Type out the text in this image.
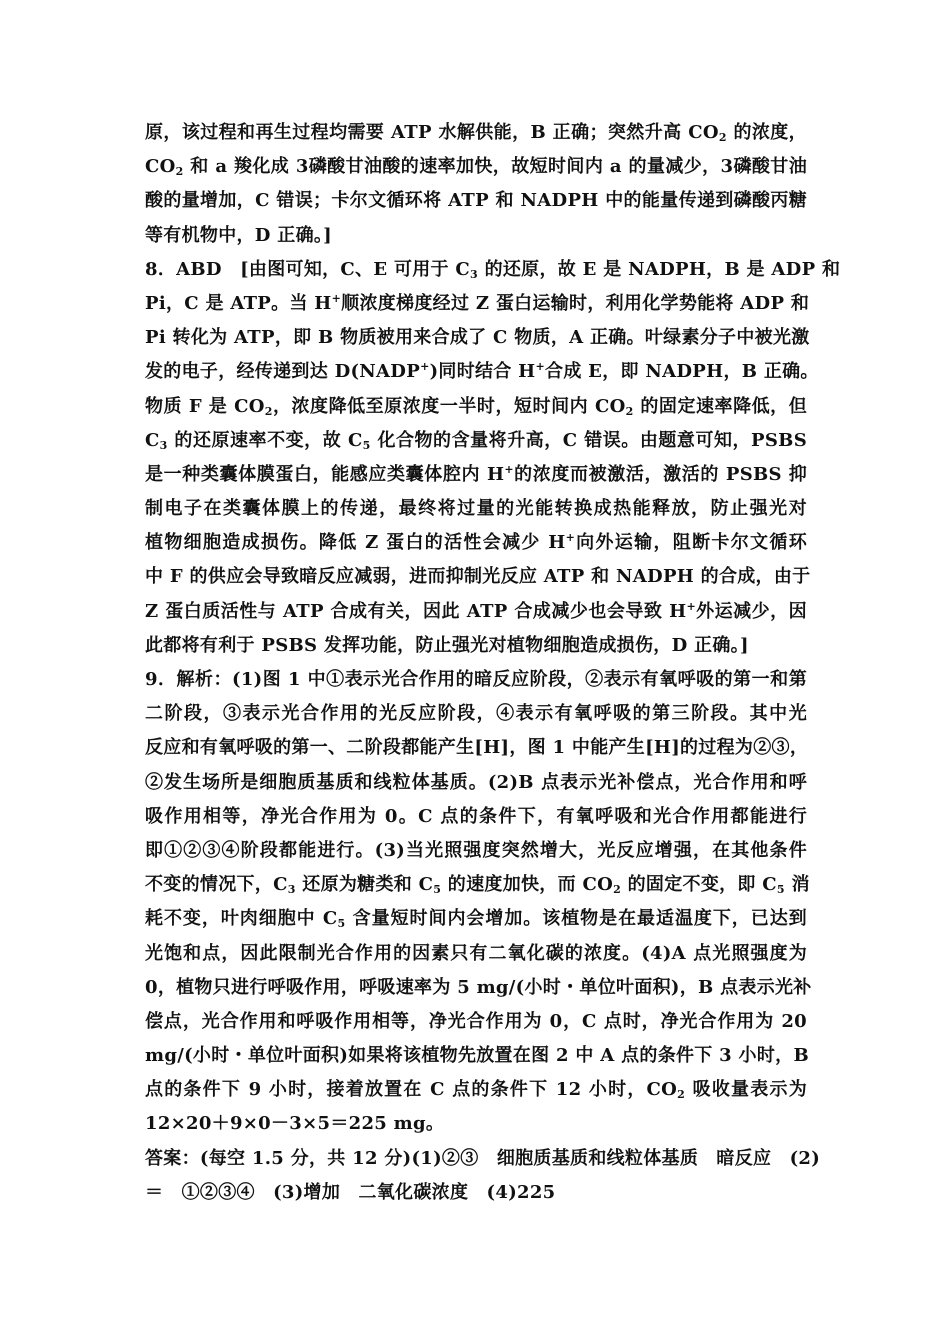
原，该过程和再生过程均需要 ATP 水解供能，B 正确；突然升高 $CO_2$ 的浓度，
$CO_2$ 和 a 羧化成 3磷酸甘油酸的速率加快，故短时间内 a 的量减少，3磷酸甘油
酸的量增加，C 错误；卡尔文循环将 ATP 和 NADPH 中的能量传递到磷酸丙糖
等有机物中，D 正确。]
8．ABD　[由图可知，C、E 可用于 $C_3$ 的还原，故 E 是 NADPH，B 是 ADP 和
Pi，C 是 ATP。当 H+顺浓度梯度经过 Z 蛋白运输时，利用化学势能将 ADP 和
Pi 转化为 ATP，即 B 物质被用来合成了 C 物质，A 正确。叶绿素分子中被光激
发的电子，经传递到达 D(NADP+)同时结合 H+合成 E，即 NADPH，B 正确。
物质 F 是 $CO_2$，浓度降低至原浓度一半时，短时间内 $CO_2$ 的固定速率降低，但
$C_3$ 的还原速率不变，故 $C_5$ 化合物的含量将升高，C 错误。由题意可知，PSBS
是一种类囊体膜蛋白，能感应类囊体腔内 H+的浓度而被激活，激活的 PSBS 抑
制电子在类囊体膜上的传递，最终将过量的光能转换成热能释放，防止强光对
植物细胞造成损伤。降低 Z 蛋白的活性会减少 H+向外运输，阻断卡尔文循环
中 F 的供应会导致暗反应减弱，进而抑制光反应 ATP 和 NADPH 的合成，由于
Z 蛋白质活性与 ATP 合成有关，因此 ATP 合成减少也会导致 H+外运减少，因
此都将有利于 PSBS 发挥功能，防止强光对植物细胞造成损伤，D 正确。]
9．解析：(1)图 1 中①表示光合作用的暗反应阶段，②表示有氧呼吸的第一和第
二阶段，③表示光合作用的光反应阶段，④表示有氧呼吸的第三阶段。其中光
反应和有氧呼吸的第一、二阶段都能产生[H]，图 1 中能产生[H]的过程为②③，
②发生场所是细胞质基质和线粒体基质。(2)B 点表示光补偿点，光合作用和呼
吸作用相等，净光合作用为 0。C 点的条件下，有氧呼吸和光合作用都能进行
即①②③④阶段都能进行。(3)当光照强度突然增大，光反应增强，在其他条件
不变的情况下，$C_3$ 还原为糖类和 $C_5$ 的速度加快，而 $CO_2$ 的固定不变，即 $C_5$ 消
耗不变，叶肉细胞中 $C_5$ 含量短时间内会增加。该植物是在最适温度下，已达到
光饱和点，因此限制光合作用的因素只有二氧化碳的浓度。(4)A 点光照强度为
0，植物只进行呼吸作用，呼吸速率为 5 mg/(小时・单位叶面积)，B 点表示光补
偿点，光合作用和呼吸作用相等，净光合作用为 0，C 点时，净光合作用为 20
mg/(小时・单位叶面积)如果将该植物先放置在图 2 中 A 点的条件下 3 小时，B
点的条件下 9 小时，接着放置在 C 点的条件下 12 小时，$CO_2$ 吸收量表示为
12×20＋9×0－3×5＝225 mg。
答案：(每空 1.5 分，共 12 分)(1)②③　细胞质基质和线粒体基质　暗反应　(2)
＝　①②③④　(3)增加　二氧化碳浓度　(4)225
